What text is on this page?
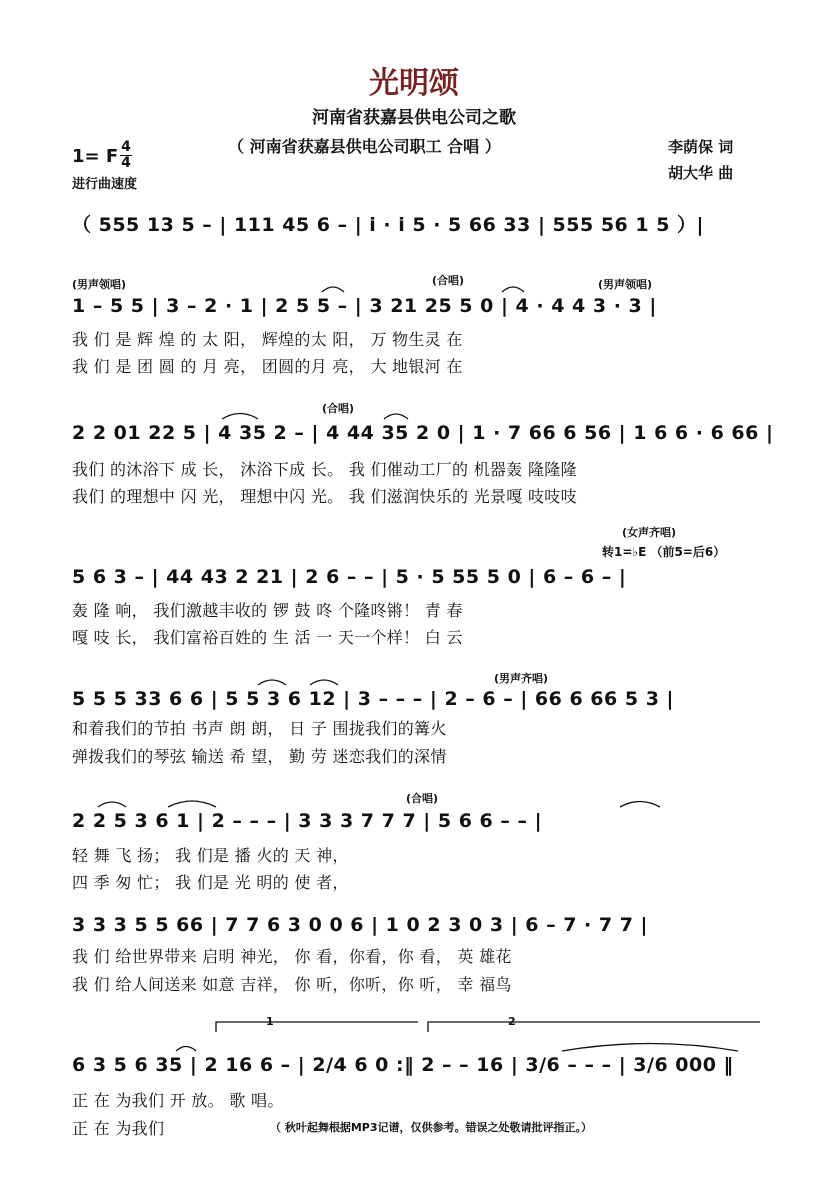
光明颂
河南省获嘉县供电公司之歌
（ 河南省获嘉县供电公司职工 合唱 ）	李荫保 词
胡大华 曲
1= F 4
4
进行曲速度
（ 555 13 5 – | 111 45 6 – | i · i 5 · 5 66 33 | 555 56 1 5 ）|
(男声领唱)	(合唱)	(男声领唱)
1 – 5 5 | 3 – 2 · 1 | 2 5 5 – | 3 21 25 5 0 | 4 · 4 4 3 · 3 |
我 们 是 辉 煌 的 太 阳， 辉煌的太 阳， 万 物生灵 在
我 们 是 团 圆 的 月 亮， 团圆的月 亮， 大 地银河 在
(合唱)
2 2 01 22 5 | 4 35 2 – | 4 44 35 2 0 | 1 · 7 66 6 56 | 1 6 6 · 6 66 |
我们 的沐浴下 成 长， 沐浴下成 长。 我 们催动工厂的 机器轰 隆隆隆
我们 的理想中 闪 光， 理想中闪 光。 我 们滋润快乐的 光景嘎 吱吱吱
(女声齐唱)
转1=♭E （前5=后6）
5 6 3 – | 44 43 2 21 | 2 6 – – | 5 · 5 55 5 0 | 6 – 6 – |
轰 隆 响， 我们激越丰收的 锣 鼓 咚 个隆咚锵！ 青 春
嘎 吱 长， 我们富裕百姓的 生 活 一 天一个样！ 白 云
(男声齐唱)
5 5 5 33 6 6 | 5 5 3 6 12 | 3 – – – | 2 – 6 – | 66 6 66 5 3 |
和着我们的节拍 书声 朗 朗， 日 子 围拢我们的篝火
弹拨我们的琴弦 输送 希 望， 勤 劳 迷恋我们的深情
(合唱)
2 2 5 3 6 1 | 2 – – – | 3 3 3 7 7 7 | 5 6 6 – – |
轻 舞 飞 扬； 我 们是 播 火的 天 神，
四 季 匆 忙； 我 们是 光 明的 使 者，
3 3 3 5 5 66 | 7 7 6 3 0 0 6 | 1 0 2 3 0 3 | 6 – 7 · 7 7 |
我 们 给世界带来 启明 神光， 你 看，你看，你 看， 英 雄花
我 们 给人间送来 如意 吉祥， 你 听，你听，你 听， 幸 福鸟
1	2
6 3 5 6 35 | 2 16 6 – | 2/4 6 0 :‖ 2 – – 16 | 3/6 – – – | 3/6 000 ‖
正 在 为我们 开 放。 歌 唱。
正 在 为我们	（ 秋叶起舞根据MP3记谱，仅供参考。错误之处敬请批评指正。）
